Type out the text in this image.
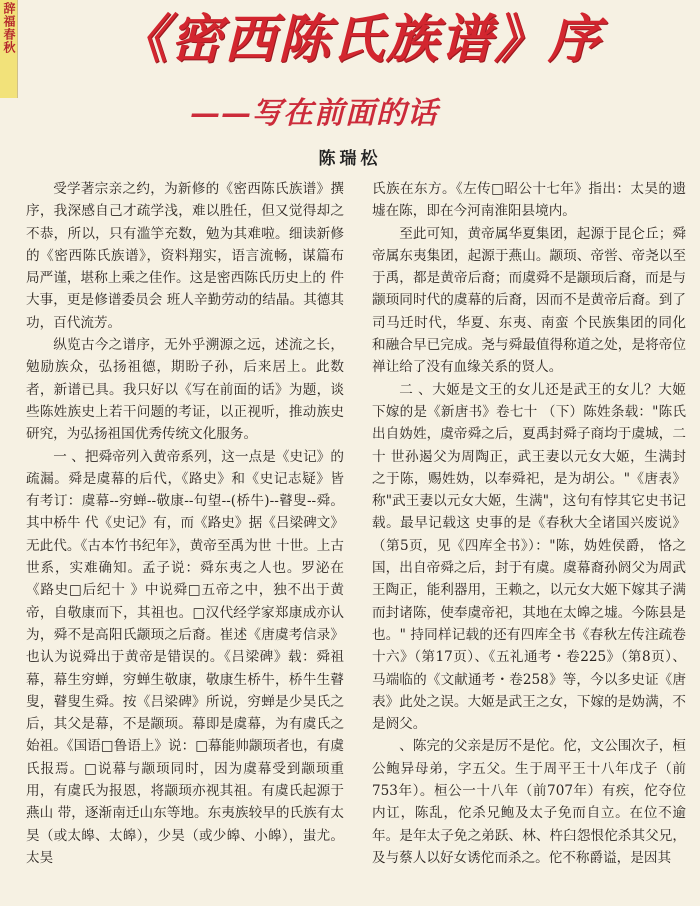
辞福春秋	《密西陈氏族谱》序
——写在前面的话
陈瑞松

受学著宗亲之约，为新修的《密西陈氏族谱》撰序，我深感自己才疏学浅，难以胜任，但又觉得却之不恭，所以，只有滥竽充数，勉为其难啦。细读新修的《密西陈氏族谱》，资料翔实，语言流畅，谋篇布局严谨，堪称上乘之佳作。这是密西陈氏历史上的 件大事，更是修谱委员会 班人辛勤劳动的结晶。其德其功，百代流芳。

纵览古今之谱序，无外乎溯源之远，述流之长，勉励族众，弘扬祖德，期盼子孙，后来居上。此数者，新谱已具。我只好以《写在前面的话》为题，谈 些陈姓族史上若干问题的考证，以正视听，推动族史研究，为弘扬祖国优秀传统文化服务。

一 、把舜帝列入黄帝系列，这一点是《史记》的疏漏。舜是虞幕的后代，《路史》和《史记志疑》皆有考订：虞幕--穷蝉--敬康--句望--(桥牛)--瞽叟--舜。其中桥牛 代《史记》有，而《路史》据《吕梁碑文》无此代。《古本竹书纪年》，黄帝至禹为世 十世。上古世系，实难确知。孟子说：舜东夷之人也。罗泌在《路史□后纪十 》中说舜□五帝之中，独不出于黄帝，自敬康而下，其祖也。□汉代经学家郑康成亦认为，舜不是高阳氏颛顼之后裔。崔述《唐虞考信录》也认为说舜出于黄帝是错误的。《吕梁碑》载：舜祖幕，幕生穷蝉，穷蝉生敬康，敬康生桥牛，桥牛生瞽叟，瞽叟生舜。按《吕梁碑》所说，穷蝉是少昊氏之后，其父是幕，不是颛顼。幕即是虞幕，为有虞氏之始祖。《国语□鲁语上》说：□幕能帅颛顼者也，有虞氏报焉。□说幕与颛顼同时，因为虞幕受到颛顼重用，有虞氏为报恩，将颛顼亦视其祖。有虞氏起源于燕山 带，逐渐南迁山东等地。东夷族较早的氏族有太昊（或太皞、太皞），少昊（或少皞、小皞），蚩尤。太昊

氏族在东方。《左传□昭公十七年》指出：太昊的遗墟在陈，即在今河南淮阳县境内。

至此可知，黄帝属华夏集团，起源于昆仑丘；舜帝属东夷集团，起源于燕山。颛顼、帝喾、帝尧以至于禹，都是黄帝后裔；而虞舜不是颛顼后裔，而是与颛顼同时代的虞幕的后裔，因而不是黄帝后裔。到了司马迁时代，华夏、东夷、南蛮 个民族集团的同化和融合早已完成。尧与舜最值得称道之处，是将帝位禅让给了没有血缘关系的贤人。

二 、大姬是文王的女儿还是武王的女儿？大姬下嫁的是《新唐书》卷七十 （下）陈姓条载："陈氏出自妫姓，虞帝舜之后，夏禹封舜子商均于虞城，二十 世孙遏父为周陶正，武王妻以元女大姬，生满封之于陈，赐姓妫，以奉舜祀，是为胡公。"《唐表》称"武王妻以元女大姬，生满"，这句有悖其它史书记载。最早记载这 史事的是《春秋大全诸国兴废说》（第5页，见《四库全书》）："陈，妫姓侯爵， 恪之国，出自帝舜之后，封于有虞。虞幕裔孙阏父为周武王陶正，能利器用，王赖之，以元女大姬下嫁其子满而封诸陈，使奉虞帝祀，其地在太皞之墟。今陈县是也。" 持同样记载的还有四库全书《春秋左传注疏卷 十六》（第17页）、《五礼通考・卷225》（第8页）、马端临的《文献通考・卷258》等，今以多史证《唐表》此处之误。大姬是武王之女，下嫁的是妫满，不是阏父。

、陈完的父亲是厉不是佗。佗，文公围次子，桓公鲍异母弟，字五父。生于周平王十八年戊子（前753年）。桓公一十八年（前707年）有疾，佗夺位内讧，陈乱，佗杀兄鲍及太子免而自立。在位不逾年。是年太子免之弟跃、林、杵臼怨恨佗杀其父兄，及与蔡人以好女诱佗而杀之。佗不称爵谥，是因其
